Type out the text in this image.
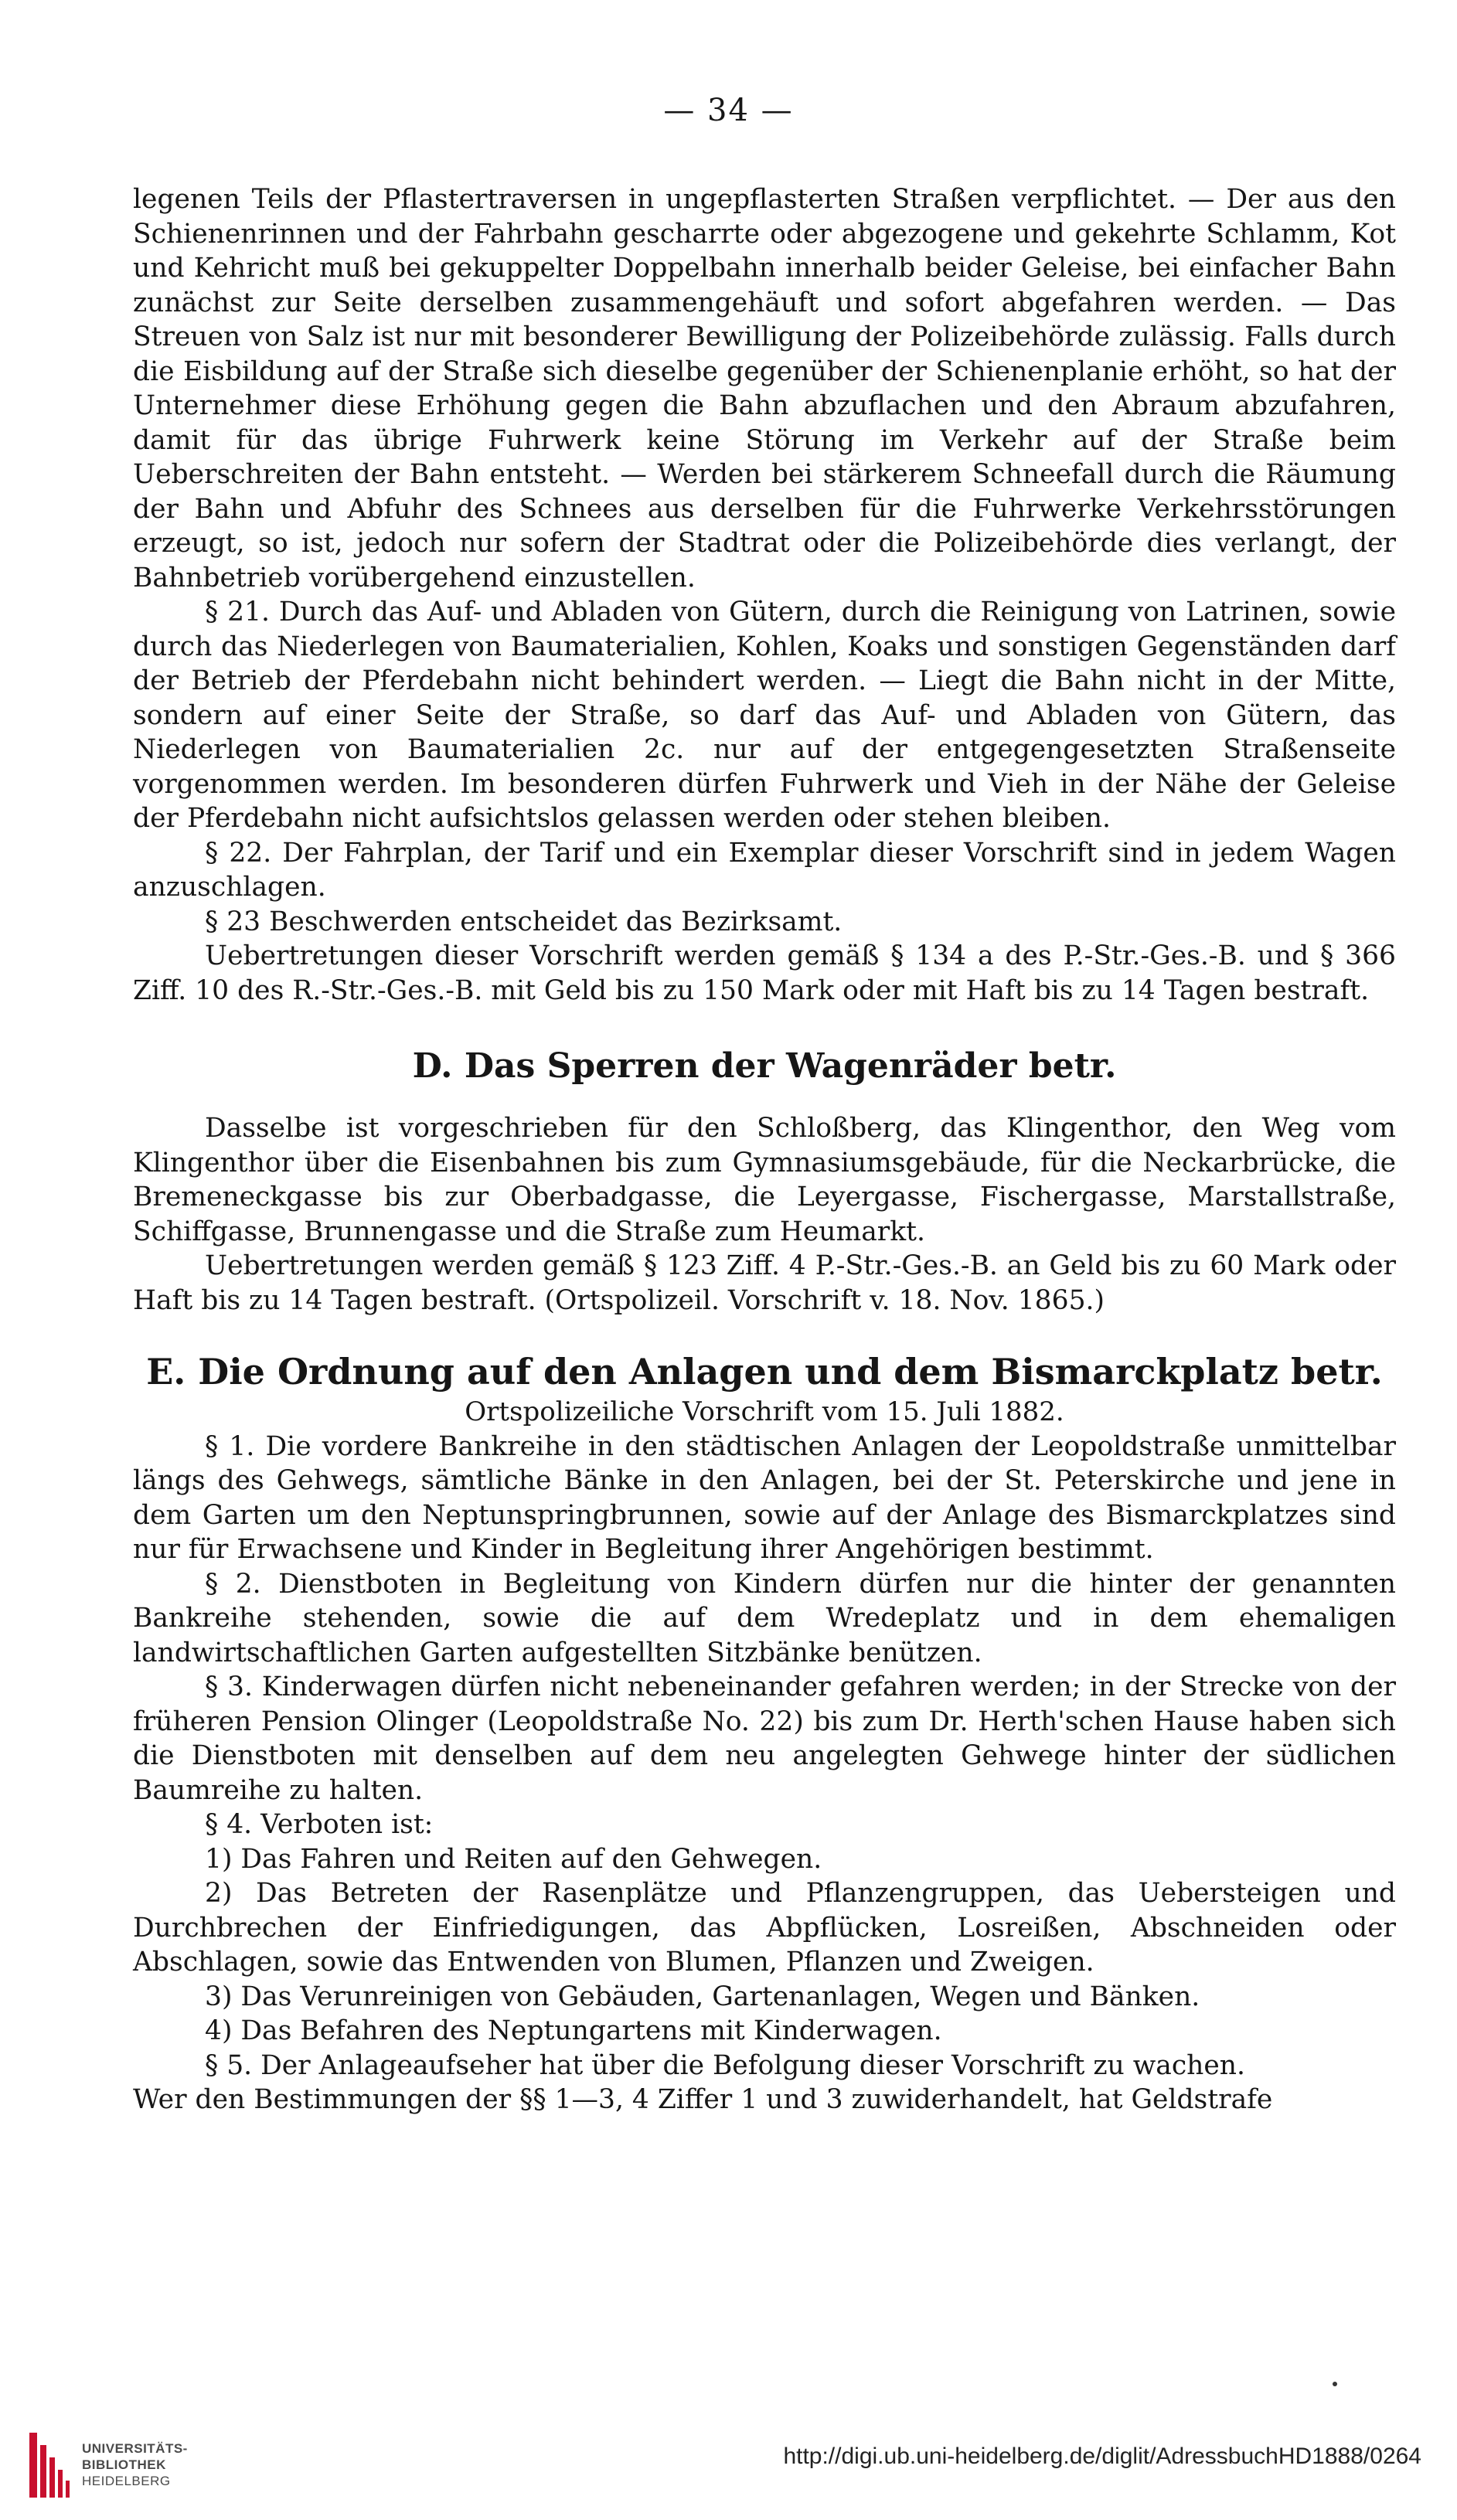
— 34 —

legenen Teils der Pflastertraversen in ungepflasterten Straßen verpflichtet. — Der aus den Schienenrinnen und der Fahrbahn gescharrte oder abgezogene und gekehrte Schlamm, Kot und Kehricht muß bei gekuppelter Doppelbahn innerhalb beider Geleise, bei einfacher Bahn zunächst zur Seite derselben zusammengehäuft und sofort abgefahren werden. — Das Streuen von Salz ist nur mit besonderer Bewilligung der Polizeibehörde zulässig. Falls durch die Eisbildung auf der Straße sich dieselbe gegenüber der Schienenplanie erhöht, so hat der Unternehmer diese Erhöhung gegen die Bahn abzuflachen und den Abraum abzufahren, damit für das übrige Fuhrwerk keine Störung im Verkehr auf der Straße beim Ueberschreiten der Bahn entsteht. — Werden bei stärkerem Schneefall durch die Räumung der Bahn und Abfuhr des Schnees aus derselben für die Fuhrwerke Verkehrsstörungen erzeugt, so ist, jedoch nur sofern der Stadtrat oder die Polizeibehörde dies verlangt, der Bahnbetrieb vorübergehend einzustellen.

§ 21. Durch das Auf- und Abladen von Gütern, durch die Reinigung von Latrinen, sowie durch das Niederlegen von Baumaterialien, Kohlen, Koaks und sonstigen Gegenständen darf der Betrieb der Pferdebahn nicht behindert werden. — Liegt die Bahn nicht in der Mitte, sondern auf einer Seite der Straße, so darf das Auf- und Abladen von Gütern, das Niederlegen von Baumaterialien 2c. nur auf der entgegengesetzten Straßenseite vorgenommen werden. Im besonderen dürfen Fuhrwerk und Vieh in der Nähe der Geleise der Pferdebahn nicht aufsichtslos gelassen werden oder stehen bleiben.

§ 22. Der Fahrplan, der Tarif und ein Exemplar dieser Vorschrift sind in jedem Wagen anzuschlagen.

§ 23 Beschwerden entscheidet das Bezirksamt.

Uebertretungen dieser Vorschrift werden gemäß § 134 a des P.-Str.-Ges.-B. und § 366 Ziff. 10 des R.-Str.-Ges.-B. mit Geld bis zu 150 Mark oder mit Haft bis zu 14 Tagen bestraft.

D. Das Sperren der Wagenräder betr.

Dasselbe ist vorgeschrieben für den Schloßberg, das Klingenthor, den Weg vom Klingenthor über die Eisenbahnen bis zum Gymnasiumsgebäude, für die Neckarbrücke, die Bremeneckgasse bis zur Oberbadgasse, die Leyergasse, Fischergasse, Marstallstraße, Schiffgasse, Brunnengasse und die Straße zum Heumarkt.

Uebertretungen werden gemäß § 123 Ziff. 4 P.-Str.-Ges.-B. an Geld bis zu 60 Mark oder Haft bis zu 14 Tagen bestraft. (Ortspolizeil. Vorschrift v. 18. Nov. 1865.)

E. Die Ordnung auf den Anlagen und dem Bismarckplatz betr.

Ortspolizeiliche Vorschrift vom 15. Juli 1882.

§ 1. Die vordere Bankreihe in den städtischen Anlagen der Leopoldstraße unmittelbar längs des Gehwegs, sämtliche Bänke in den Anlagen, bei der St. Peterskirche und jene in dem Garten um den Neptunspringbrunnen, sowie auf der Anlage des Bismarckplatzes sind nur für Erwachsene und Kinder in Begleitung ihrer Angehörigen bestimmt.

§ 2. Dienstboten in Begleitung von Kindern dürfen nur die hinter der genannten Bankreihe stehenden, sowie die auf dem Wredeplatz und in dem ehemaligen landwirtschaftlichen Garten aufgestellten Sitzbänke benützen.

§ 3. Kinderwagen dürfen nicht nebeneinander gefahren werden; in der Strecke von der früheren Pension Olinger (Leopoldstraße No. 22) bis zum Dr. Herth'schen Hause haben sich die Dienstboten mit denselben auf dem neu angelegten Gehwege hinter der südlichen Baumreihe zu halten.

§ 4. Verboten ist:

1) Das Fahren und Reiten auf den Gehwegen.

2) Das Betreten der Rasenplätze und Pflanzengruppen, das Uebersteigen und Durchbrechen der Einfriedigungen, das Abpflücken, Losreißen, Abschneiden oder Abschlagen, sowie das Entwenden von Blumen, Pflanzen und Zweigen.

3) Das Verunreinigen von Gebäuden, Gartenanlagen, Wegen und Bänken.

4) Das Befahren des Neptungartens mit Kinderwagen.

§ 5. Der Anlageaufseher hat über die Befolgung dieser Vorschrift zu wachen.

Wer den Bestimmungen der §§ 1—3, 4 Ziffer 1 und 3 zuwiderhandelt, hat Geldstrafe

UNIVERSITÄTS-
BIBLIOTHEK
HEIDELBERG
http://digi.ub.uni-heidelberg.de/diglit/AdressbuchHD1888/0264
